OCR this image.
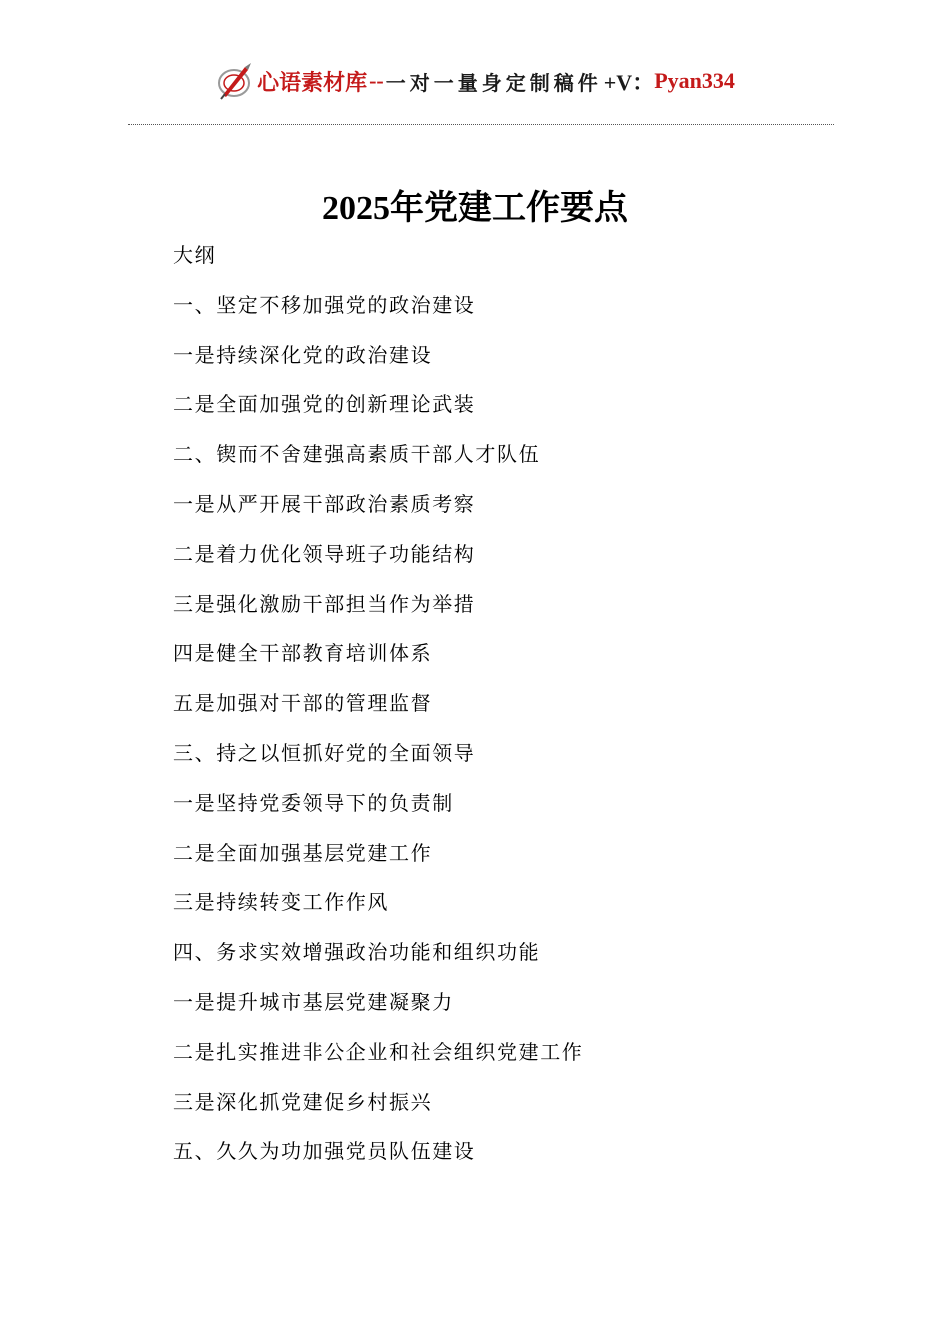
心语素材库 -- 一对一量身定制稿件 +V： Pyan334
2025年党建工作要点
大纲
一、坚定不移加强党的政治建设
一是持续深化党的政治建设
二是全面加强党的创新理论武装
二、锲而不舍建强高素质干部人才队伍
一是从严开展干部政治素质考察
二是着力优化领导班子功能结构
三是强化激励干部担当作为举措
四是健全干部教育培训体系
五是加强对干部的管理监督
三、持之以恒抓好党的全面领导
一是坚持党委领导下的负责制
二是全面加强基层党建工作
三是持续转变工作作风
四、务求实效增强政治功能和组织功能
一是提升城市基层党建凝聚力
二是扎实推进非公企业和社会组织党建工作
三是深化抓党建促乡村振兴
五、久久为功加强党员队伍建设
